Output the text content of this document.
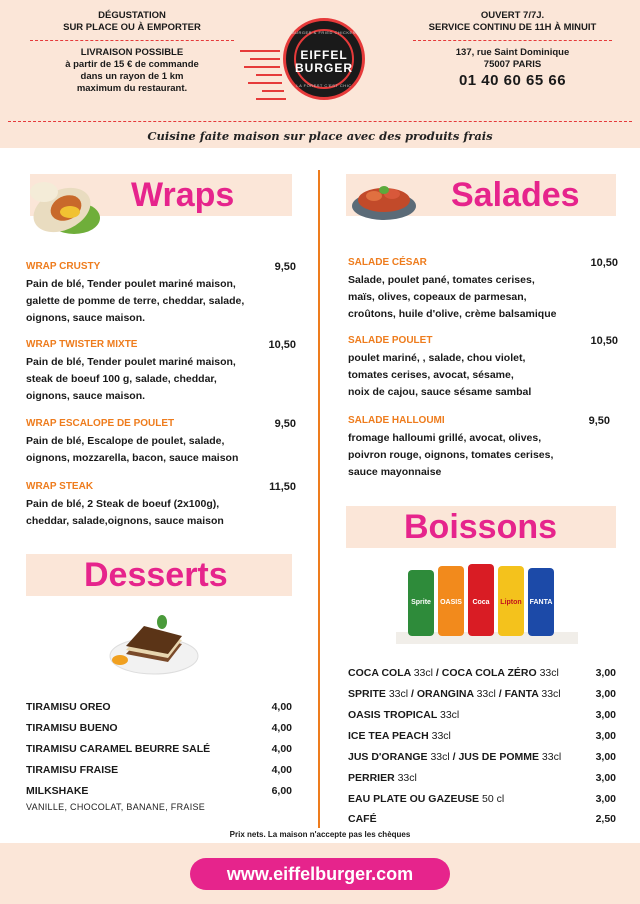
DÉGUSTATION
SUR PLACE OU À EMPORTER
LIVRAISON POSSIBLE
à partir de 15 € de commande
dans un rayon de 1 km
maximum du restaurant.
BURGER & FRIED CHICKEN
EIFFEL
BURGER
LA FOREST C'EST CHIC
OUVERT 7/7J.
SERVICE CONTINU DE 11H À MINUIT
137, rue Saint Dominique
75007 PARIS
01 40 60 65 66
Cuisine faite maison sur place avec des produits frais
Wraps
WRAP CRUSTY	9,50
Pain de blé, Tender poulet mariné maison,
galette de pomme de terre, cheddar, salade,
oignons, sauce maison.
WRAP TWISTER MIXTE	10,50
Pain de blé, Tender poulet mariné maison,
steak de boeuf 100 g, salade, cheddar,
oignons, sauce maison.
WRAP ESCALOPE DE POULET	9,50
Pain de blé, Escalope de poulet, salade,
oignons, mozzarella, bacon, sauce maison
WRAP STEAK	11,50
Pain de blé, 2 Steak de boeuf (2x100g),
cheddar, salade,oignons, sauce maison
Desserts
TIRAMISU OREO	4,00
TIRAMISU BUENO	4,00
TIRAMISU CARAMEL BEURRE SALÉ	4,00
TIRAMISU FRAISE	4,00
MILKSHAKE	6,00
VANILLE, CHOCOLAT, BANANE, FRAISE
Salades
SALADE CÉSAR	10,50
Salade, poulet pané, tomates cerises,
maïs, olives, copeaux de parmesan,
croûtons, huile d'olive, crème balsamique
SALADE POULET	10,50
poulet mariné, , salade, chou violet,
tomates cerises, avocat, sésame,
noix de cajou, sauce sésame sambal
SALADE HALLOUMI	9,50
fromage halloumi grillé, avocat, olives,
poivron rouge, oignons, tomates cerises,
sauce mayonnaise
Boissons
Sprite OASIS Coca Lipton FANTA
COCA COLA 33cl / COCA COLA ZÉRO 33cl	3,00
SPRITE 33cl / ORANGINA 33cl / FANTA 33cl	3,00
OASIS TROPICAL 33cl	3,00
ICE TEA PEACH 33cl	3,00
JUS D'ORANGE 33cl / JUS DE POMME 33cl	3,00
PERRIER 33cl	3,00
EAU PLATE OU GAZEUSE 50 cl	3,00
CAFÉ	2,50
Prix nets. La maison n'accepte pas les chèques
www.eiffelburger.com
